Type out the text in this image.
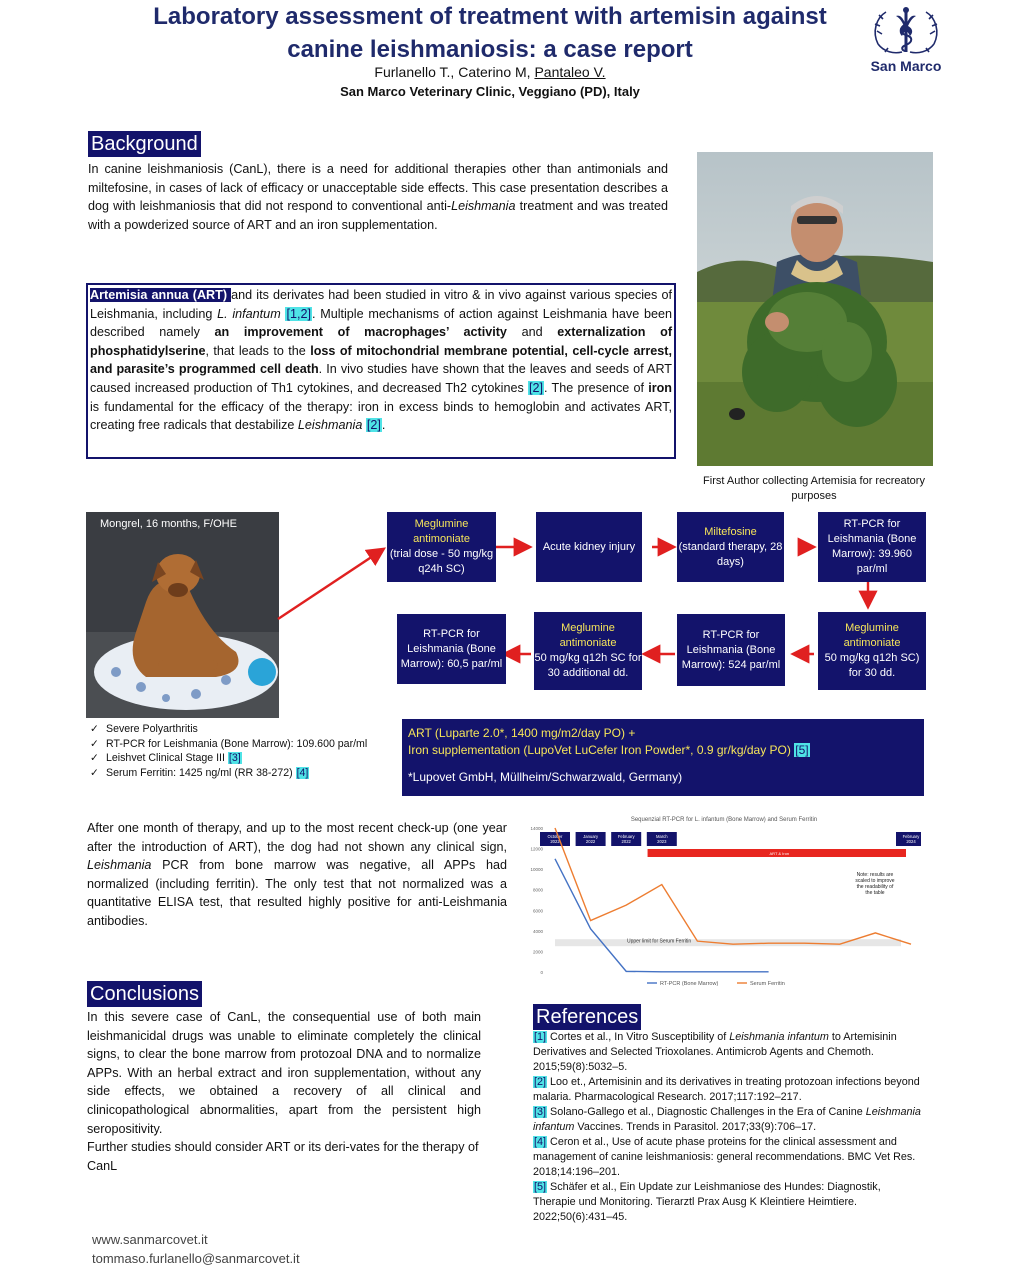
Laboratory assessment of treatment with artemisin against
canine leishmaniosis: a case report
Furlanello T., Caterino M, Pantaleo V.
San Marco Veterinary Clinic, Veggiano (PD), Italy
San Marco
Background
In canine leishmaniosis (CanL), there is a need for additional therapies other than antimonials and miltefosine, in cases of lack of efficacy or unacceptable side effects. This case presentation describes a dog with leishmaniosis that did not respond to conventional anti-Leishmania treatment and was treated with a powderized source of ART and an iron supplementation.
Artemisia annua (ART) and its derivates had been studied in vitro & in vivo against various species of Leishmania, including L. infantum [1,2]. Multiple mechanisms of action against Leishmania have been described namely an improvement of macrophages’ activity and externalization of phosphatidylserine, that leads to the loss of mitochondrial membrane potential, cell-cycle arrest, and parasite’s programmed cell death. In vivo studies have shown that the leaves and seeds of ART caused increased production of Th1 cytokines, and decreased Th2 cytokines [2]. The presence of iron is fundamental for the efficacy of the therapy: iron in excess binds to hemoglobin and activates ART, creating free radicals that destabilize Leishmania [2].
First Author collecting Artemisia for recreatory purposes
Mongrel, 16 months, F/OHE
✓ Severe Polyarthritis
✓ RT-PCR for Leishmania (Bone Marrow): 109.600 par/ml
✓ Leishvet Clinical Stage III [3]
✓ Serum Ferritin: 1425 ng/ml (RR 38-272) [4]
Meglumine antimoniate
(trial dose - 50 mg/kg q24h SC)
Acute kidney injury
Miltefosine
(standard therapy, 28 days)
RT-PCR for Leishmania (Bone Marrow): 39.960 par/ml
Meglumine antimoniate
50 mg/kg q12h SC) for 30 dd.
RT-PCR for Leishmania (Bone Marrow): 524 par/ml
Meglumine antimoniate
50 mg/kg q12h SC for 30 additional dd.
RT-PCR for Leishmania (Bone Marrow): 60,5 par/ml
ART (Luparte 2.0*, 1400 mg/m2/day PO) +
Iron supplementation (LupoVet LuCefer Iron Powder*, 0.9 gr/kg/day PO) [5]
*Lupovet GmbH, Müllheim/Schwarzwald, Germany)
After one month of therapy, and up to the most recent check-up (one year after the introduction of ART), the dog had not shown any clinical sign, Leishmania PCR from bone marrow was negative, all APPs had normalized (including ferritin). The only test that not normalized was a quantitative ELISA test, that resulted highly positive for anti-Leishmania antibodies.
Sequenzial RT-PCR for L. infantum (Bone Marrow) and Serum Ferritin
0
2000
4000
6000
8000
10000
12000
14000
Upper limit for Serum Ferritin
ART & Iron
October 2022
January 2022
February 2022
March 2023
February 2024
Note: results are scaled to improve the readability of the table
RT-PCR (Bone Marrow)	Serum Ferritin
Conclusions
In this severe case of CanL, the consequential use of both main leishmanicidal drugs was unable to eliminate completely the clinical signs, to clear the bone marrow from protozoal DNA and to normalize APPs. With an herbal extract and iron supplementation, without any side effects, we obtained a recovery of all clinical and clinicopathological abnormalities, apart from the persistent high seropositivity.
Further studies should consider ART or its deri-vates for the therapy of CanL
References

[1] Cortes et al., In Vitro Susceptibility of Leishmania infantum to Artemisinin Derivatives and Selected Trioxolanes. Antimicrob Agents and Chemoth. 2015;59(8):5032–5.

[2] Loo et., Artemisinin and its derivatives in treating protozoan infections beyond malaria. Pharmacological Research. 2017;117:192–217.

[3] Solano-Gallego et al., Diagnostic Challenges in the Era of Canine Leishmania infantum Vaccines. Trends in Parasitol. 2017;33(9):706–17.

[4] Ceron et al., Use of acute phase proteins for the clinical assessment and management of canine leishmaniosis: general recommendations. BMC Vet Res. 2018;14:196–201.

[5] Schäfer et al., Ein Update zur Leishmaniose des Hundes: Diagnostik, Therapie und Monitoring. Tierarztl Prax Ausg K Kleintiere Heimtiere. 2022;50(6):431–45.

www.sanmarcovet.it
tommaso.furlanello@sanmarcovet.it
